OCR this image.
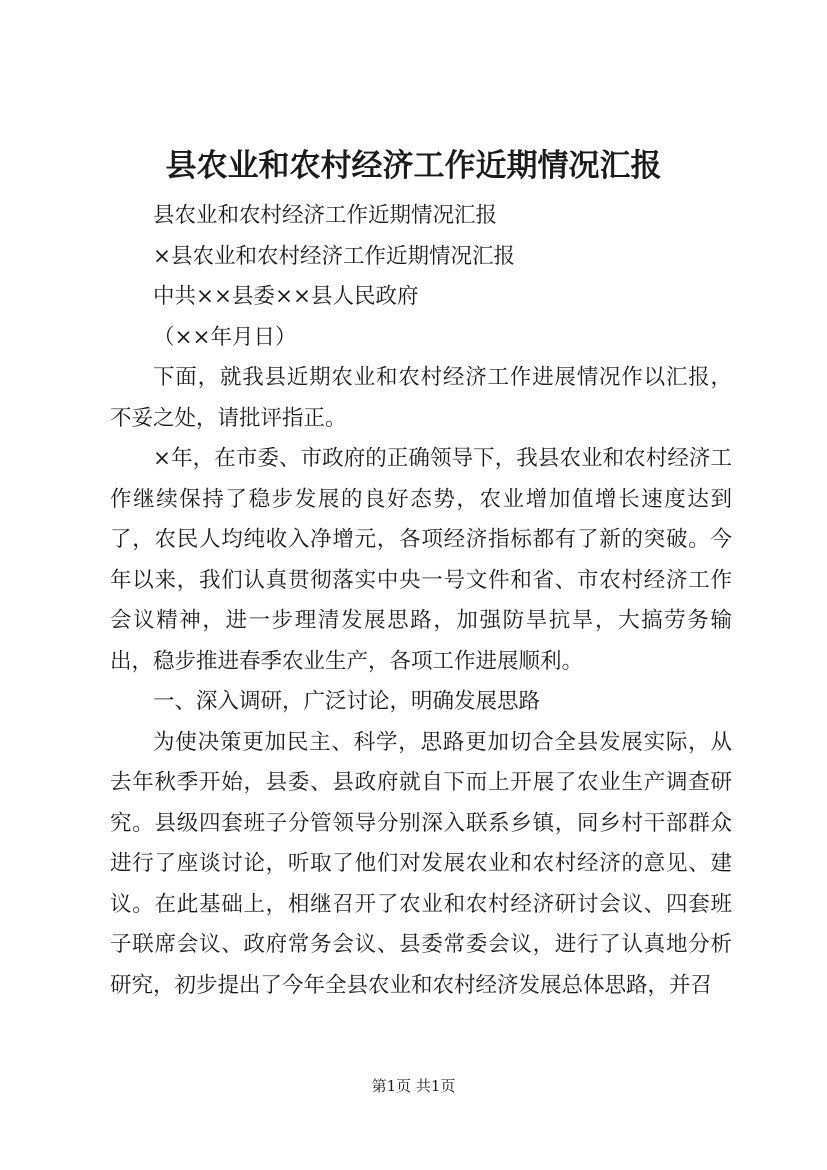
县农业和农村经济工作近期情况汇报

县农业和农村经济工作近期情况汇报

×县农业和农村经济工作近期情况汇报

中共××县委××县人民政府

（××年月日）

下面，就我县近期农业和农村经济工作进展情况作以汇报，不妥之处，请批评指正。

×年，在市委、市政府的正确领导下，我县农业和农村经济工作继续保持了稳步发展的良好态势，农业增加值增长速度达到了，农民人均纯收入净增元，各项经济指标都有了新的突破。今年以来，我们认真贯彻落实中央一号文件和省、市农村经济工作会议精神，进一步理清发展思路，加强防旱抗旱，大搞劳务输出，稳步推进春季农业生产，各项工作进展顺利。

一、深入调研，广泛讨论，明确发展思路

为使决策更加民主、科学，思路更加切合全县发展实际，从去年秋季开始，县委、县政府就自下而上开展了农业生产调查研究。县级四套班子分管领导分别深入联系乡镇，同乡村干部群众进行了座谈讨论，听取了他们对发展农业和农村经济的意见、建议。在此基础上，相继召开了农业和农村经济研讨会议、四套班子联席会议、政府常务会议、县委常委会议，进行了认真地分析研究，初步提出了今年全县农业和农村经济发展总体思路，并召

第1页 共1页
